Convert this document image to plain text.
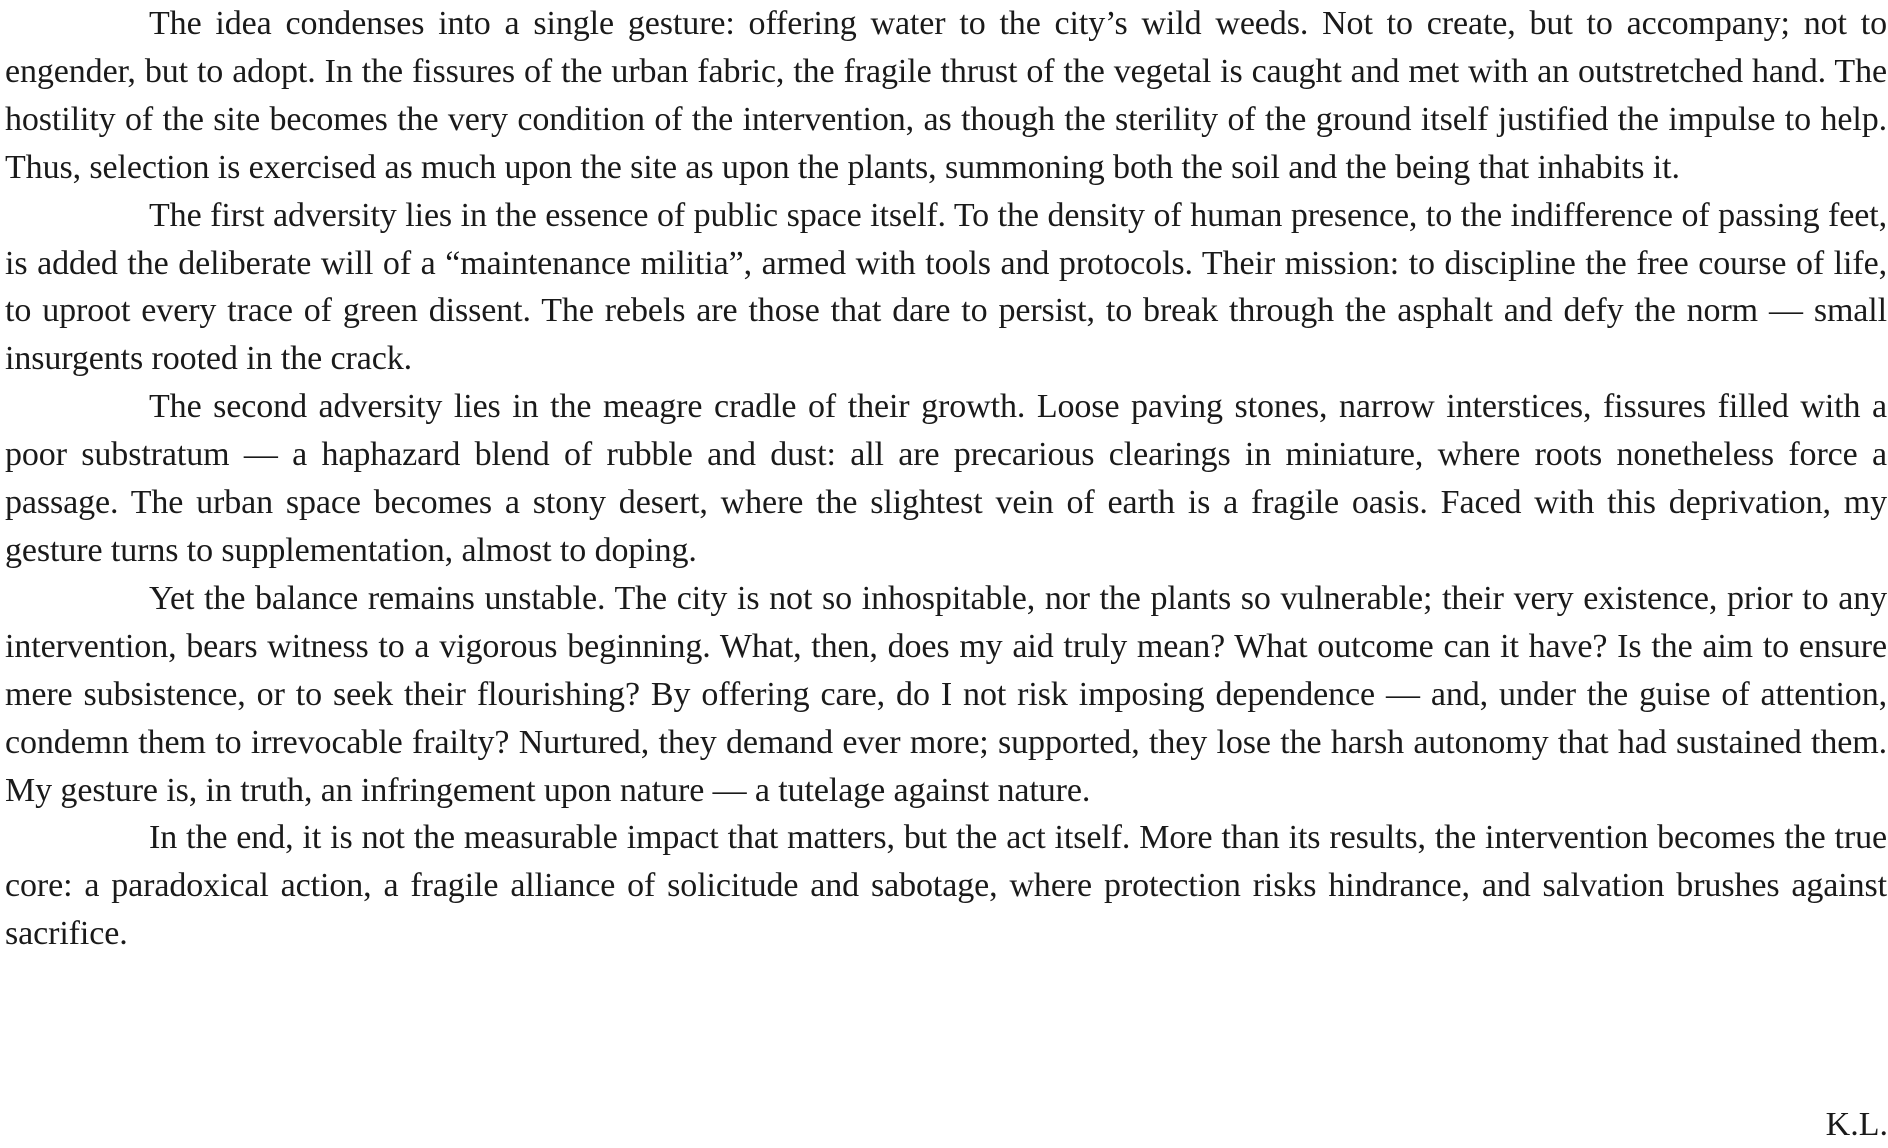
The idea condenses into a single gesture: offering water to the city’s wild weeds. Not to create, but to accompany; not to engender, but to adopt. In the fissures of the urban fabric, the fragile thrust of the vegetal is caught and met with an outstretched hand. The hostility of the site becomes the very condition of the intervention, as though the sterility of the ground itself justified the impulse to help. Thus, selection is exercised as much upon the site as upon the plants, summoning both the soil and the being that inhabits it.

The first adversity lies in the essence of public space itself. To the density of human presence, to the indifference of passing feet, is added the deliberate will of a “maintenance militia”, armed with tools and protocols. Their mission: to discipline the free course of life, to uproot every trace of green dissent. The rebels are those that dare to persist, to break through the asphalt and defy the norm — small insurgents rooted in the crack.

The second adversity lies in the meagre cradle of their growth. Loose paving stones, narrow interstices, fissures filled with a poor substratum — a haphazard blend of rubble and dust: all are precarious clearings in miniature, where roots nonetheless force a passage. The urban space becomes a stony desert, where the slightest vein of earth is a fragile oasis. Faced with this deprivation, my gesture turns to supplementation, almost to doping.

Yet the balance remains unstable. The city is not so inhospitable, nor the plants so vulnerable; their very existence, prior to any intervention, bears witness to a vigorous beginning. What, then, does my aid truly mean? What outcome can it have? Is the aim to ensure mere subsistence, or to seek their flourishing? By offering care, do I not risk imposing dependence — and, under the guise of attention, condemn them to irrevocable frailty? Nurtured, they demand ever more; supported, they lose the harsh autonomy that had sustained them. My gesture is, in truth, an infringement upon nature — a tutelage against nature.

In the end, it is not the measurable impact that matters, but the act itself. More than its results, the intervention becomes the true core: a paradoxical action, a fragile alliance of solicitude and sabotage, where protection risks hindrance, and salvation brushes against sacrifice.

K.L.
